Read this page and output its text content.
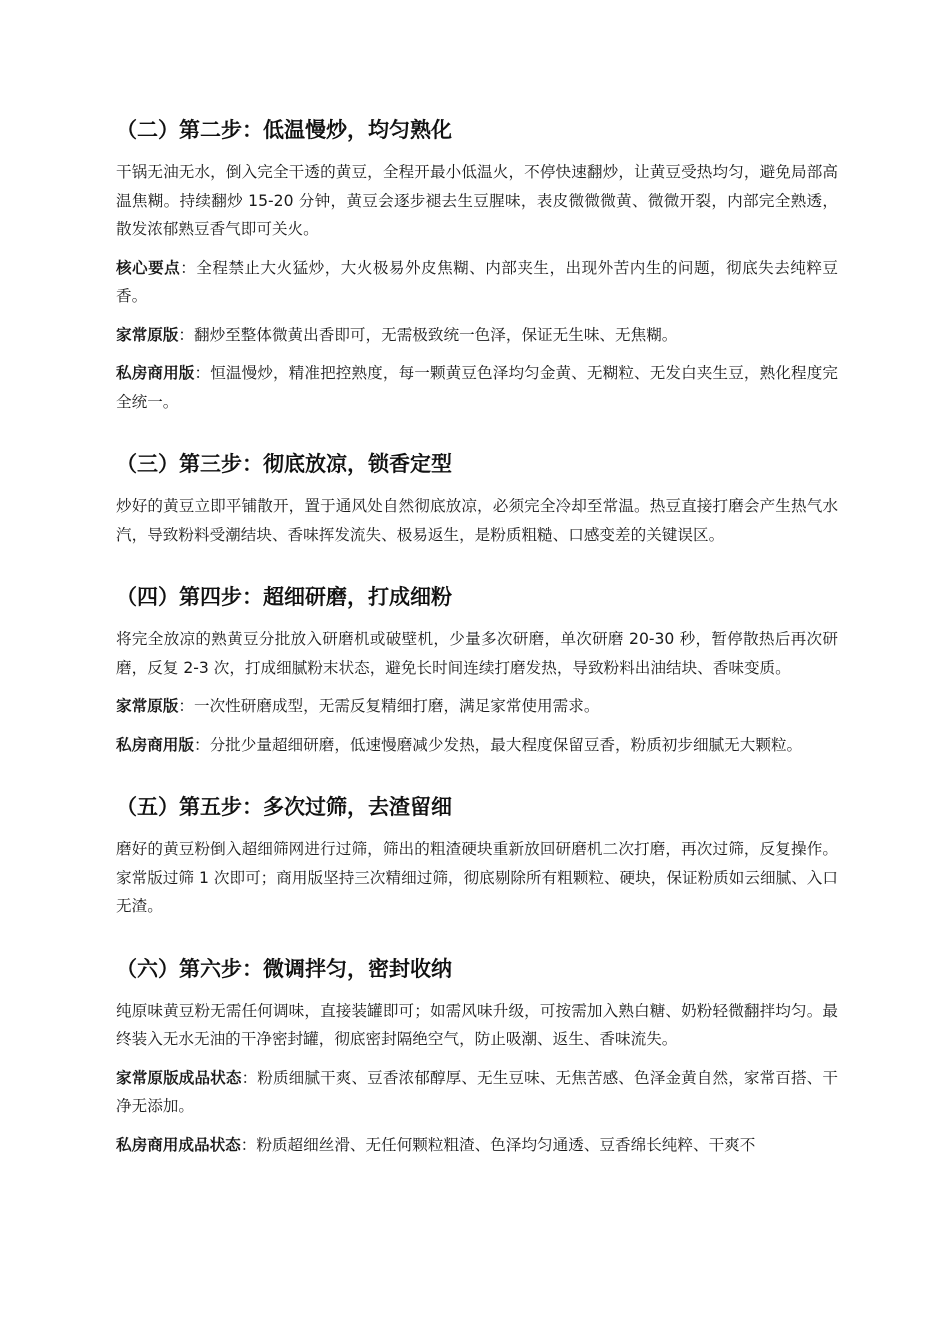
（二）第二步：低温慢炒，均匀熟化

干锅无油无水，倒入完全干透的黄豆，全程开最小低温火，不停快速翻炒，让黄豆受热均匀，避免局部高温焦糊。持续翻炒 15-20 分钟，黄豆会逐步褪去生豆腥味，表皮微微微黄、微微开裂，内部完全熟透，散发浓郁熟豆香气即可关火。

核心要点：全程禁止大火猛炒，大火极易外皮焦糊、内部夹生，出现外苦内生的问题，彻底失去纯粹豆香。

家常原版：翻炒至整体微黄出香即可，无需极致统一色泽，保证无生味、无焦糊。

私房商用版：恒温慢炒，精准把控熟度，每一颗黄豆色泽均匀金黄、无糊粒、无发白夹生豆，熟化程度完全统一。

（三）第三步：彻底放凉，锁香定型

炒好的黄豆立即平铺散开，置于通风处自然彻底放凉，必须完全冷却至常温。热豆直接打磨会产生热气水汽，导致粉料受潮结块、香味挥发流失、极易返生，是粉质粗糙、口感变差的关键误区。

（四）第四步：超细研磨，打成细粉

将完全放凉的熟黄豆分批放入研磨机或破壁机，少量多次研磨，单次研磨 20-30 秒，暂停散热后再次研磨，反复 2-3 次，打成细腻粉末状态，避免长时间连续打磨发热，导致粉料出油结块、香味变质。

家常原版：一次性研磨成型，无需反复精细打磨，满足家常使用需求。

私房商用版：分批少量超细研磨，低速慢磨减少发热，最大程度保留豆香，粉质初步细腻无大颗粒。

（五）第五步：多次过筛，去渣留细

磨好的黄豆粉倒入超细筛网进行过筛，筛出的粗渣硬块重新放回研磨机二次打磨，再次过筛，反复操作。家常版过筛 1 次即可；商用版坚持三次精细过筛，彻底剔除所有粗颗粒、硬块，保证粉质如云细腻、入口无渣。

（六）第六步：微调拌匀，密封收纳

纯原味黄豆粉无需任何调味，直接装罐即可；如需风味升级，可按需加入熟白糖、奶粉轻微翻拌均匀。最终装入无水无油的干净密封罐，彻底密封隔绝空气，防止吸潮、返生、香味流失。

家常原版成品状态：粉质细腻干爽、豆香浓郁醇厚、无生豆味、无焦苦感、色泽金黄自然，家常百搭、干净无添加。

私房商用成品状态：粉质超细丝滑、无任何颗粒粗渣、色泽均匀通透、豆香绵长纯粹、干爽不
